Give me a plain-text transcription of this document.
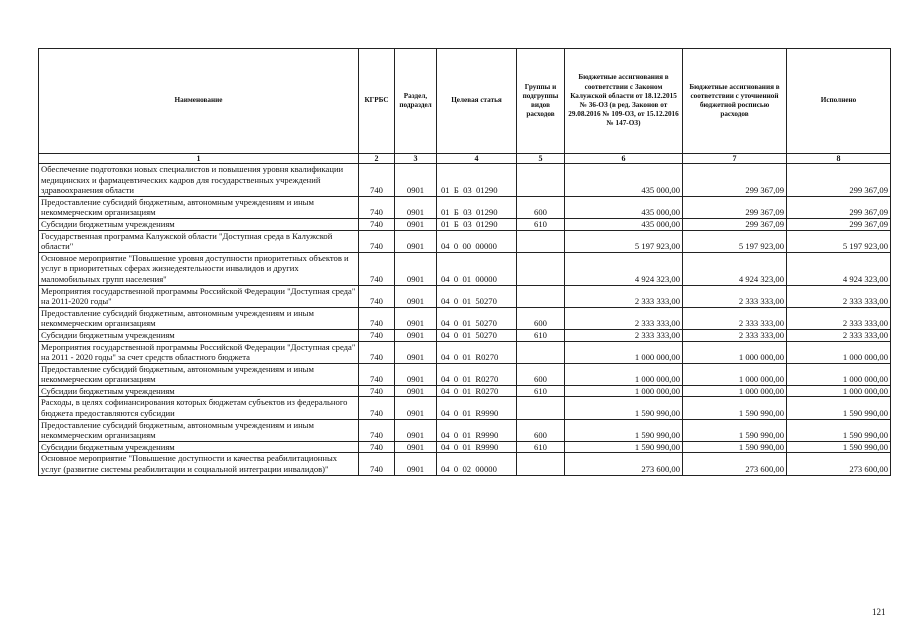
Наименование	КГРБС	Раздел, подраздел	Целевая статья	Группы и подгруппы видов расходов	Бюджетные ассигнования в соответствии с Законом Калужской области от 18.12.2015 № 36-ОЗ (в ред. Законов от 29.08.2016 № 109-ОЗ, от 15.12.2016 № 147-ОЗ)	Бюджетные ассигнования в соответствии с уточненной бюджетной росписью расходов	Исполнено
1	2	3	4	5	6	7	8
Обеспечение подготовки новых специалистов и повышения уровня квалификации медицинских и фармацевтических кадров для государственных учреждений здравоохранения области	740	0901	01  Б  03  01290		435 000,00	299 367,09	299 367,09
Предоставление субсидий бюджетным, автономным учреждениям и иным некоммерческим организациям	740	0901	01  Б  03  01290	600	435 000,00	299 367,09	299 367,09
Субсидии бюджетным учреждениям	740	0901	01  Б  03  01290	610	435 000,00	299 367,09	299 367,09
Государственная программа Калужской области "Доступная среда в Калужской области"	740	0901	04  0  00  00000		5 197 923,00	5 197 923,00	5 197 923,00
Основное мероприятие "Повышение уровня доступности приоритетных объектов и услуг в приоритетных сферах жизнедеятельности инвалидов и других маломобильных групп населения"	740	0901	04  0  01  00000		4 924 323,00	4 924 323,00	4 924 323,00
Мероприятия государственной программы Российской Федерации "Доступная среда" на 2011-2020 годы"	740	0901	04  0  01  50270		2 333 333,00	2 333 333,00	2 333 333,00
Предоставление субсидий бюджетным, автономным учреждениям и иным некоммерческим организациям	740	0901	04  0  01  50270	600	2 333 333,00	2 333 333,00	2 333 333,00
Субсидии бюджетным учреждениям	740	0901	04  0  01  50270	610	2 333 333,00	2 333 333,00	2 333 333,00
Мероприятия государственной программы Российской Федерации "Доступная среда" на 2011 - 2020 годы" за счет средств областного бюджета	740	0901	04  0  01  R0270		1 000 000,00	1 000 000,00	1 000 000,00
Предоставление субсидий бюджетным, автономным учреждениям и иным некоммерческим организациям	740	0901	04  0  01  R0270	600	1 000 000,00	1 000 000,00	1 000 000,00
Субсидии бюджетным учреждениям	740	0901	04  0  01  R0270	610	1 000 000,00	1 000 000,00	1 000 000,00
Расходы, в целях софинансирования которых бюджетам субъектов из федерального бюджета предоставляются субсидии	740	0901	04  0  01  R9990		1 590 990,00	1 590 990,00	1 590 990,00
Предоставление субсидий бюджетным, автономным учреждениям и иным некоммерческим организациям	740	0901	04  0  01  R9990	600	1 590 990,00	1 590 990,00	1 590 990,00
Субсидии бюджетным учреждениям	740	0901	04  0  01  R9990	610	1 590 990,00	1 590 990,00	1 590 990,00
Основное мероприятие "Повышение доступности и качества реабилитационных услуг (развитие системы реабилитации и социальной интеграции инвалидов)"	740	0901	04  0  02  00000		273 600,00	273 600,00	273 600,00
121
